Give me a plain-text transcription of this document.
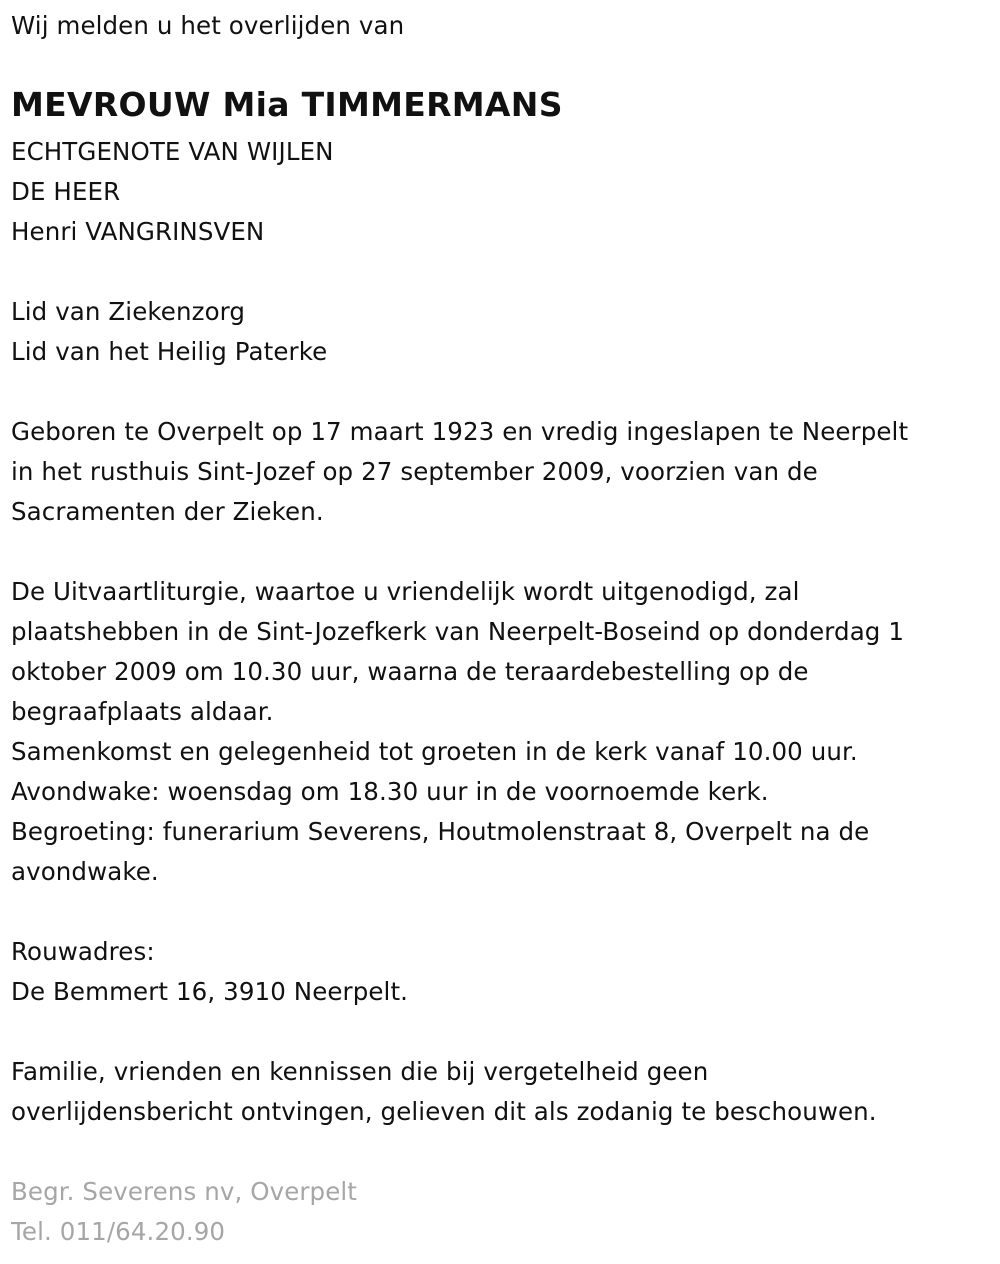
Wij melden u het overlijden van
MEVROUW Mia TIMMERMANS
ECHTGENOTE VAN WIJLEN
DE HEER
Henri VANGRINSVEN
Lid van Ziekenzorg
Lid van het Heilig Paterke
Geboren te Overpelt op 17 maart 1923 en vredig ingeslapen te Neerpelt
in het rusthuis Sint-Jozef op 27 september 2009, voorzien van de
Sacramenten der Zieken.
De Uitvaartliturgie, waartoe u vriendelijk wordt uitgenodigd, zal
plaatshebben in de Sint-Jozefkerk van Neerpelt-Boseind op donderdag 1
oktober 2009 om 10.30 uur, waarna de teraardebestelling op de
begraafplaats aldaar.
Samenkomst en gelegenheid tot groeten in de kerk vanaf 10.00 uur.
Avondwake: woensdag om 18.30 uur in de voornoemde kerk.
Begroeting: funerarium Severens, Houtmolenstraat 8, Overpelt na de
avondwake.
Rouwadres:
De Bemmert 16, 3910 Neerpelt.
Familie, vrienden en kennissen die bij vergetelheid geen
overlijdensbericht ontvingen, gelieven dit als zodanig te beschouwen.
Begr. Severens nv, Overpelt
Tel. 011/64.20.90
